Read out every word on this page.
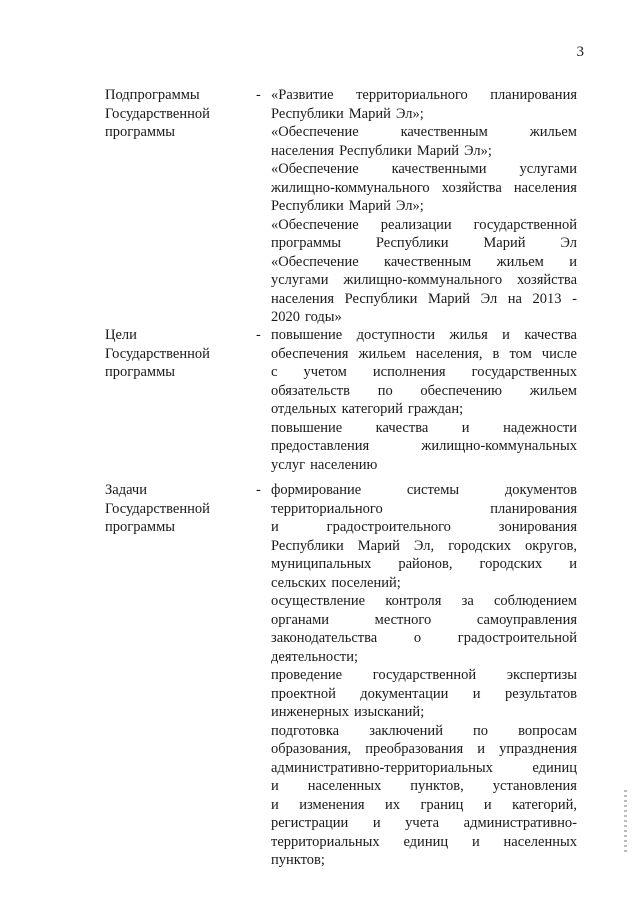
3
Подпрограммы
Государственной
программы
- «Развитие территориального планирования
Республики Марий Эл»;
«Обеспечение	качественным	жильем
населения Республики Марий Эл»;
«Обеспечение качественными услугами
жилищно-коммунального хозяйства населения
Республики Марий Эл»;
«Обеспечение реализации государственной
программы Республики Марий Эл
«Обеспечение качественным жильем и
услугами жилищно-коммунального хозяйства
населения Республики Марий Эл на 2013 -
2020 годы»
Цели
Государственной
программы
- повышение доступности жилья и качества
обеспечения жильем населения, в том числе
с учетом исполнения государственных
обязательств по обеспечению жильем
отдельных категорий граждан;
повышение качества и надежности
предоставления	жилищно-коммунальных
услуг населению
Задачи
Государственной
программы
- формирование	системы	документов
территориального	планирования
и	градостроительного	зонирования
Республики Марий Эл, городских округов,
муниципальных районов, городских и
сельских поселений;
осуществление контроля за соблюдением
органами	местного	самоуправления
законодательства	о	градостроительной
деятельности;
проведение государственной экспертизы
проектной документации и результатов
инженерных изысканий;
подготовка заключений по вопросам
образования, преобразования и упразднения
административно-территориальных	единиц
и населенных пунктов, установления
и изменения их границ и категорий,
регистрации и учета административно-
территориальных единиц и населенных
пунктов;
